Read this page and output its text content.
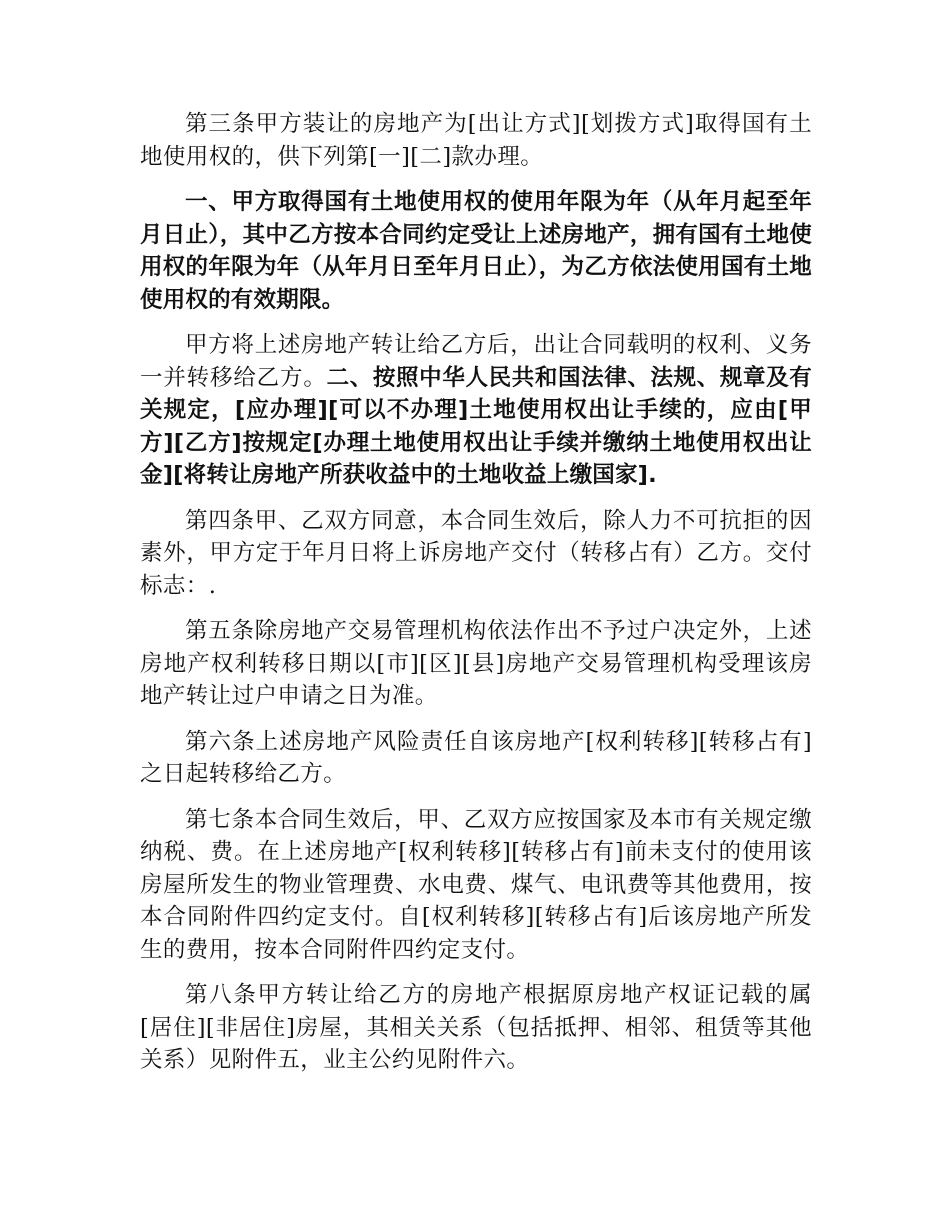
第三条甲方装让的房地产为[出让方式][划拨方式]取得国有土地使用权的，供下列第[一][二]款办理。

一、甲方取得国有土地使用权的使用年限为年（从年月起至年月日止），其中乙方按本合同约定受让上述房地产，拥有国有土地使用权的年限为年（从年月日至年月日止），为乙方依法使用国有土地使用权的有效期限。

甲方将上述房地产转让给乙方后，出让合同载明的权利、义务一并转移给乙方。二、按照中华人民共和国法律、法规、规章及有关规定，[应办理][可以不办理]土地使用权出让手续的，应由[甲方][乙方]按规定[办理土地使用权出让手续并缴纳土地使用权出让金][将转让房地产所获收益中的土地收益上缴国家].

第四条甲、乙双方同意，本合同生效后，除人力不可抗拒的因素外，甲方定于年月日将上诉房地产交付（转移占有）乙方。交付标志：.

第五条除房地产交易管理机构依法作出不予过户决定外，上述房地产权利转移日期以[市][区][县]房地产交易管理机构受理该房地产转让过户申请之日为准。

第六条上述房地产风险责任自该房地产[权利转移][转移占有]之日起转移给乙方。

第七条本合同生效后，甲、乙双方应按国家及本市有关规定缴纳税、费。在上述房地产[权利转移][转移占有]前未支付的使用该房屋所发生的物业管理费、水电费、煤气、电讯费等其他费用，按本合同附件四约定支付。自[权利转移][转移占有]后该房地产所发生的费用，按本合同附件四约定支付。

第八条甲方转让给乙方的房地产根据原房地产权证记载的属[居住][非居住]房屋，其相关关系（包括抵押、相邻、租赁等其他关系）见附件五，业主公约见附件六。
